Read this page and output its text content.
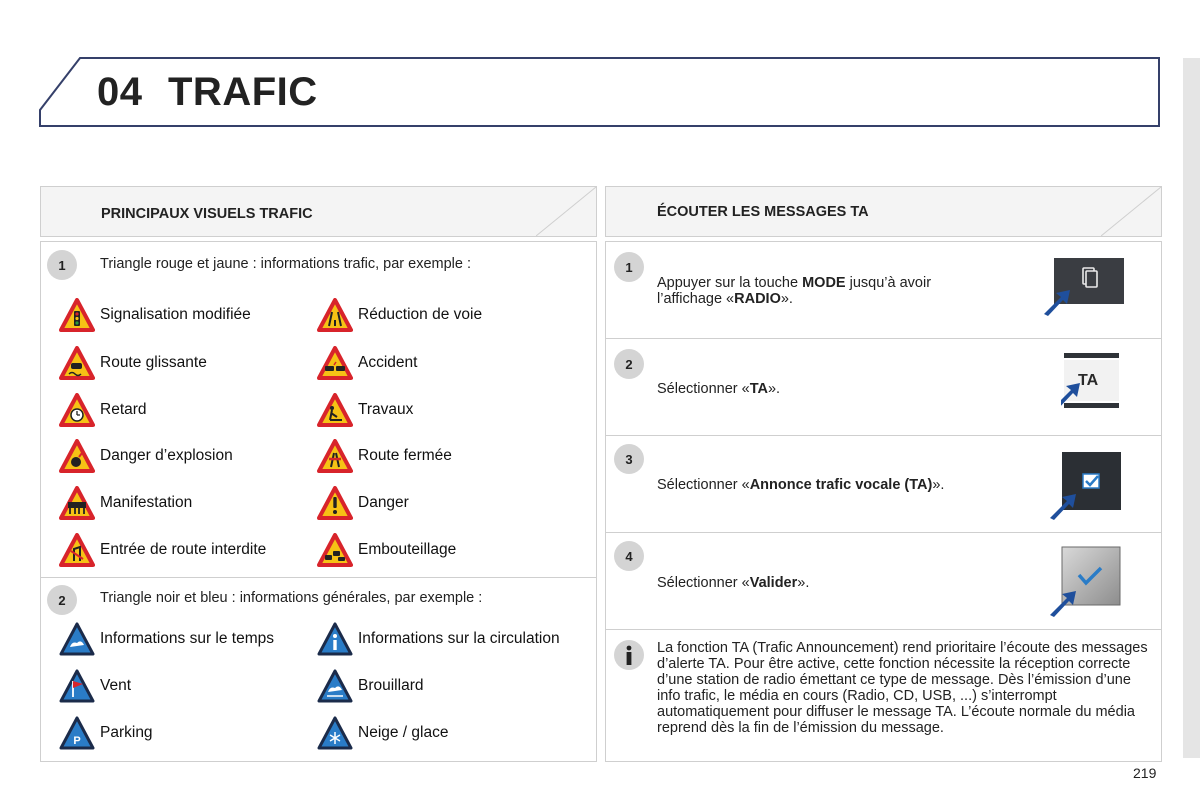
04 TRAFIC
PRINCIPAUX VISUELS TRAFIC
1	Triangle rouge et jaune : informations trafic, par exemple :
Signalisation modifiée
Route glissante
Retard
Danger d’explosion
Manifestation
Entrée de route interdite
Réduction de voie
Accident
Travaux
Route fermée
Danger
Embouteillage
2	Triangle noir et bleu : informations générales, par exemple :
Informations sur le temps
Vent
P Parking
Informations sur la circulation
Brouillard
Neige / glace
ÉCOUTER LES MESSAGES TA
1
Appuyer sur la touche MODE jusqu’à avoir l’affichage «RADIO».
2
Sélectionner «TA».	TA
3
Sélectionner «Annonce trafic vocale (TA)».
4
Sélectionner «Valider».
La fonction TA (Trafic Announcement) rend prioritaire l’écoute des messages d’alerte TA. Pour être active, cette fonction nécessite la réception correcte d’une station de radio émettant ce type de message. Dès l’émission d’une info trafic, le média en cours (Radio, CD, USB, ...) s’interrompt automatiquement pour diffuser le message TA. L’écoute normale du média reprend dès la fin de l’émission du message.
219
